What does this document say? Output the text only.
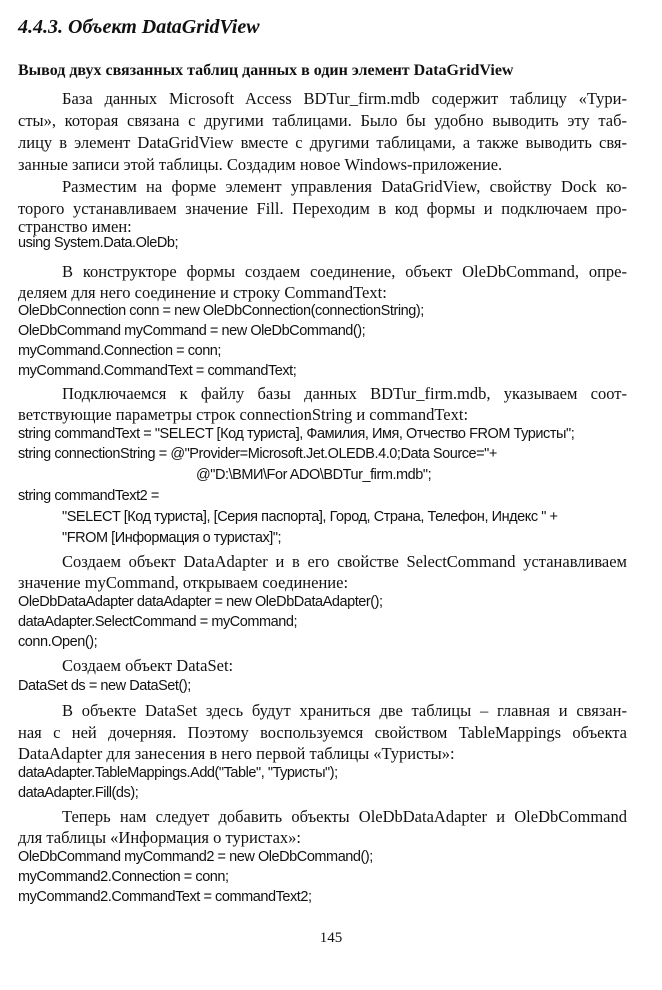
4.4.3. Объект DataGridView
Вывод двух связанных таблиц данных в один элемент DataGridView
База данных Microsoft Access BDTur_firm.mdb содержит таблицу «Тури-
сты», которая связана с другими таблицами. Было бы удобно выводить эту таб-
лицу в элемент DataGridView вместе с другими таблицами, а также выводить свя-
занные записи этой таблицы. Создадим новое Windows-приложение.
Разместим на форме элемент управления DataGridView, свойству Dock ко-
торого устанавливаем значение Fill. Переходим в код формы и подключаем про-
странство имен:
using System.Data.OleDb;
В конструкторе формы создаем соединение, объект OleDbCommand, опре-
деляем для него соединение и строку CommandText:
OleDbConnection conn = new OleDbConnection(connectionString);
OleDbCommand myCommand = new OleDbCommand();
myCommand.Connection = conn;
myCommand.CommandText = commandText;
Подключаемся к файлу базы данных BDTur_firm.mdb, указываем соот-
ветствующие параметры строк connectionString и commandText:
string commandText = "SELECT [Код туриста], Фамилия, Имя, Отчество FROM Туристы";
string connectionString = @"Provider=Microsoft.Jet.OLEDB.4.0;Data Source="+
@"D:\BMИ\For ADO\BDTur_firm.mdb";
string commandText2 =
"SELECT [Код туриста], [Серия паспорта], Город, Страна, Телефон, Индекс " +
"FROM [Информация о туристах]";
Создаем объект DataAdapter и в его свойстве SelectCommand устанавливаем
значение myCommand, открываем соединение:
OleDbDataAdapter dataAdapter = new OleDbDataAdapter();
dataAdapter.SelectCommand = myCommand;
conn.Open();
Создаем объект DataSet:
DataSet ds = new DataSet();
В объекте DataSet здесь будут храниться две таблицы – главная и связан-
ная с ней дочерняя. Поэтому воспользуемся свойством TableMappings объекта
DataAdapter для занесения в него первой таблицы «Туристы»:
dataAdapter.TableMappings.Add("Table", "Туристы");
dataAdapter.Fill(ds);
Теперь нам следует добавить объекты OleDbDataAdapter и OleDbCommand
для таблицы «Информация о туристах»:
OleDbCommand myCommand2 = new OleDbCommand();
myCommand2.Connection = conn;
myCommand2.CommandText = commandText2;
145
